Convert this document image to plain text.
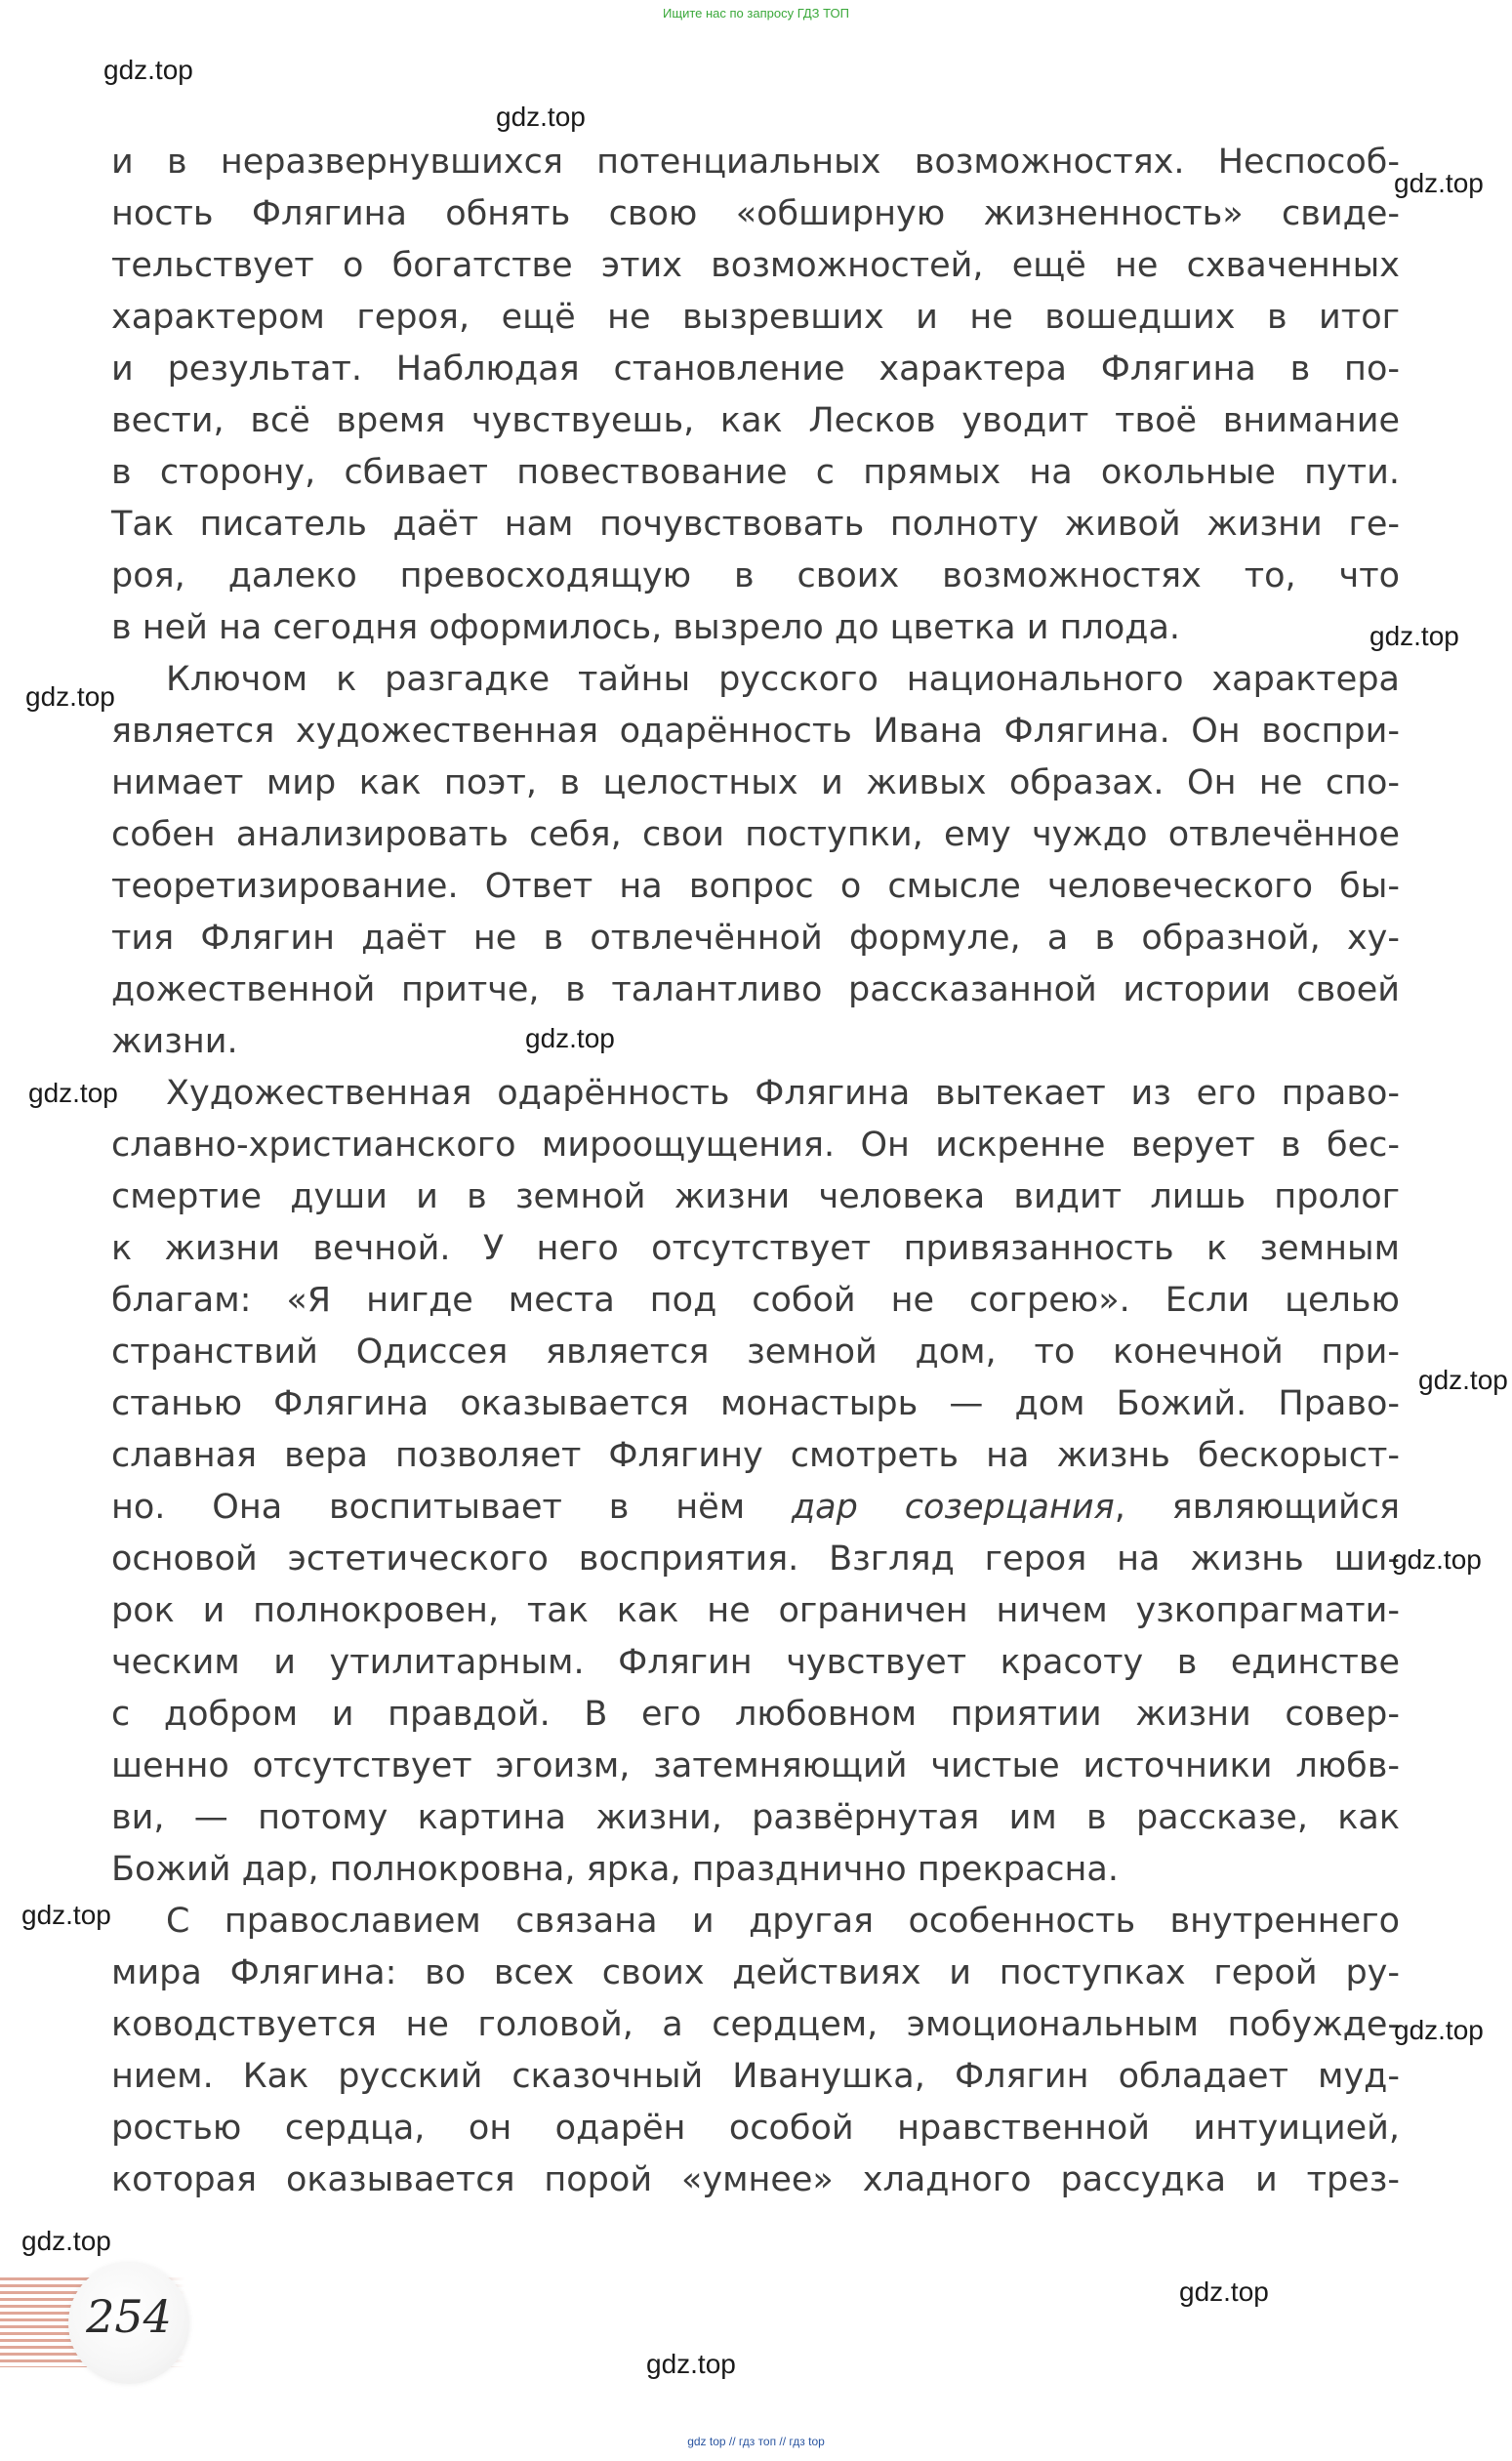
Ищите нас по запросу ГДЗ ТОП
и в неразвернувшихся потенциальных возможностях. Неспособ-
ность Флягина обнять свою «обширную жизненность» свиде-
тельствует о богатстве этих возможностей, ещё не схваченных
характером героя, ещё не вызревших и не вошедших в итог
и результат. Наблюдая становление характера Флягина в по-
вести, всё время чувствуешь, как Лесков уводит твоё внимание
в сторону, сбивает повествование с прямых на окольные пути.
Так писатель даёт нам почувствовать полноту живой жизни ге-
роя, далеко превосходящую в своих возможностях то, что
в ней на сегодня оформилось, вызрело до цветка и плода.
Ключом к разгадке тайны русского национального характера
является художественная одарённость Ивана Флягина. Он воспри-
нимает мир как поэт, в целостных и живых образах. Он не спо-
собен анализировать себя, свои поступки, ему чуждо отвлечённое
теоретизирование. Ответ на вопрос о смысле человеческого бы-
тия Флягин даёт не в отвлечённой формуле, а в образной, ху-
дожественной притче, в талантливо рассказанной истории своей
жизни.
Художественная одарённость Флягина вытекает из его право-
славно-христианского мироощущения. Он искренне верует в бес-
смертие души и в земной жизни человека видит лишь пролог
к жизни вечной. У него отсутствует привязанность к земным
благам: «Я нигде места под собой не согрею». Если целью
странствий Одиссея является земной дом, то конечной при-
станью Флягина оказывается монастырь — дом Божий. Право-
славная вера позволяет Флягину смотреть на жизнь бескорыст-
но. Она воспитывает в нём дар созерцания, являющийся
основой эстетического восприятия. Взгляд героя на жизнь ши-
рок и полнокровен, так как не ограничен ничем узкопрагмати-
ческим и утилитарным. Флягин чувствует красоту в единстве
с добром и правдой. В его любовном приятии жизни совер-
шенно отсутствует эгоизм, затемняющий чистые источники любв-
ви, — потому картина жизни, развёрнутая им в рассказе, как
Божий дар, полнокровна, ярка, празднично прекрасна.
С православием связана и другая особенность внутреннего
мира Флягина: во всех своих действиях и поступках герой ру-
ководствуется не головой, а сердцем, эмоциональным побужде-
нием. Как русский сказочный Иванушка, Флягин обладает муд-
ростью сердца, он одарён особой нравственной интуицией,
которая оказывается порой «умнее» хладного рассудка и трез-
gdz.top
gdz.top
gdz.top
gdz.top
gdz.top
gdz.top
gdz.top
gdz.top
gdz.top
gdz.top
gdz.top
gdz.top
gdz.top
gdz.top
254
gdz top // гдз топ // гдз top
